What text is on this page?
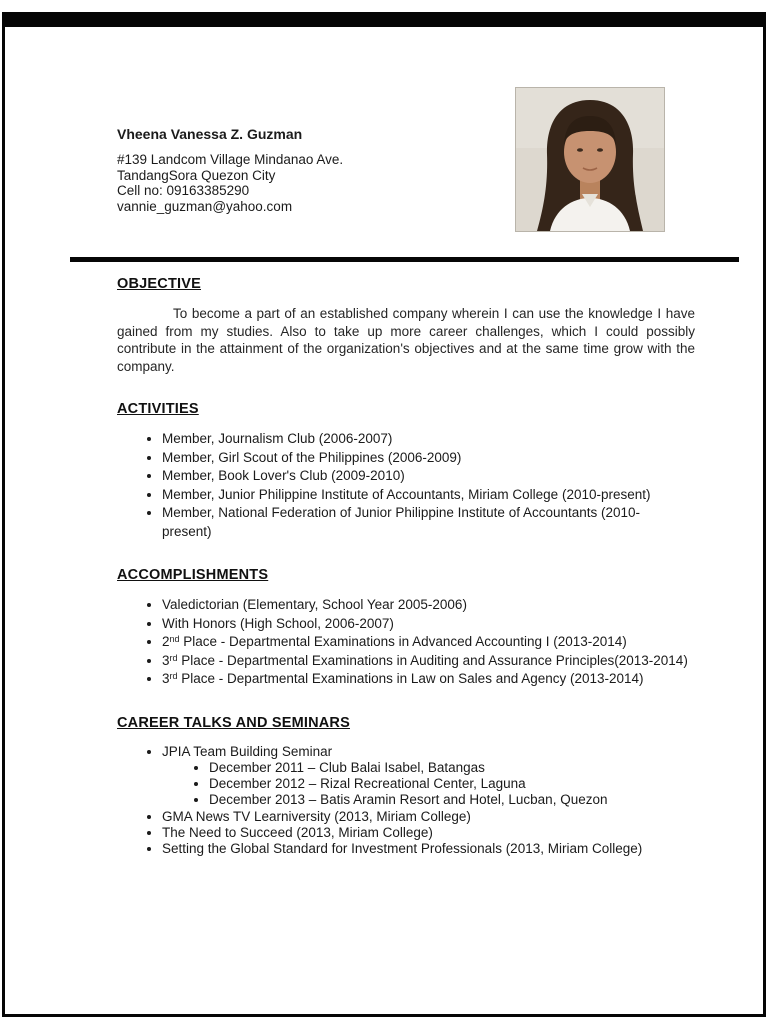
Vheena Vanessa Z. Guzman
#139 Landcom Village Mindanao Ave.
TandangSora Quezon City
Cell no: 09163385290
vannie_guzman@yahoo.com
OBJECTIVE

To become a part of an established company wherein I can use the knowledge I have gained from my studies. Also to take up more career challenges, which I could possibly contribute in the attainment of the organization's objectives and at the same time grow with the company.

ACTIVITIES
• Member, Journalism Club (2006-2007)
• Member, Girl Scout of the Philippines (2006-2009)
• Member, Book Lover's Club (2009-2010)
• Member, Junior Philippine Institute of Accountants, Miriam College (2010-present)
• Member, National Federation of Junior Philippine Institute of Accountants (2010-present)
ACCOMPLISHMENTS
• Valedictorian (Elementary, School Year 2005-2006)
• With Honors (High School, 2006-2007)
• 2nd Place - Departmental Examinations in Advanced Accounting I (2013-2014)
• 3rd Place - Departmental Examinations in Auditing and Assurance Principles(2013-2014)
• 3rd Place - Departmental Examinations in Law on Sales and Agency (2013-2014)
CAREER TALKS AND SEMINARS
• JPIA Team Building Seminar
• December 2011 – Club Balai Isabel, Batangas
• December 2012 – Rizal Recreational Center, Laguna
• December 2013 – Batis Aramin Resort and Hotel, Lucban, Quezon
• GMA News TV Learniversity (2013, Miriam College)
• The Need to Succeed (2013, Miriam College)
• Setting the Global Standard for Investment Professionals (2013, Miriam College)
